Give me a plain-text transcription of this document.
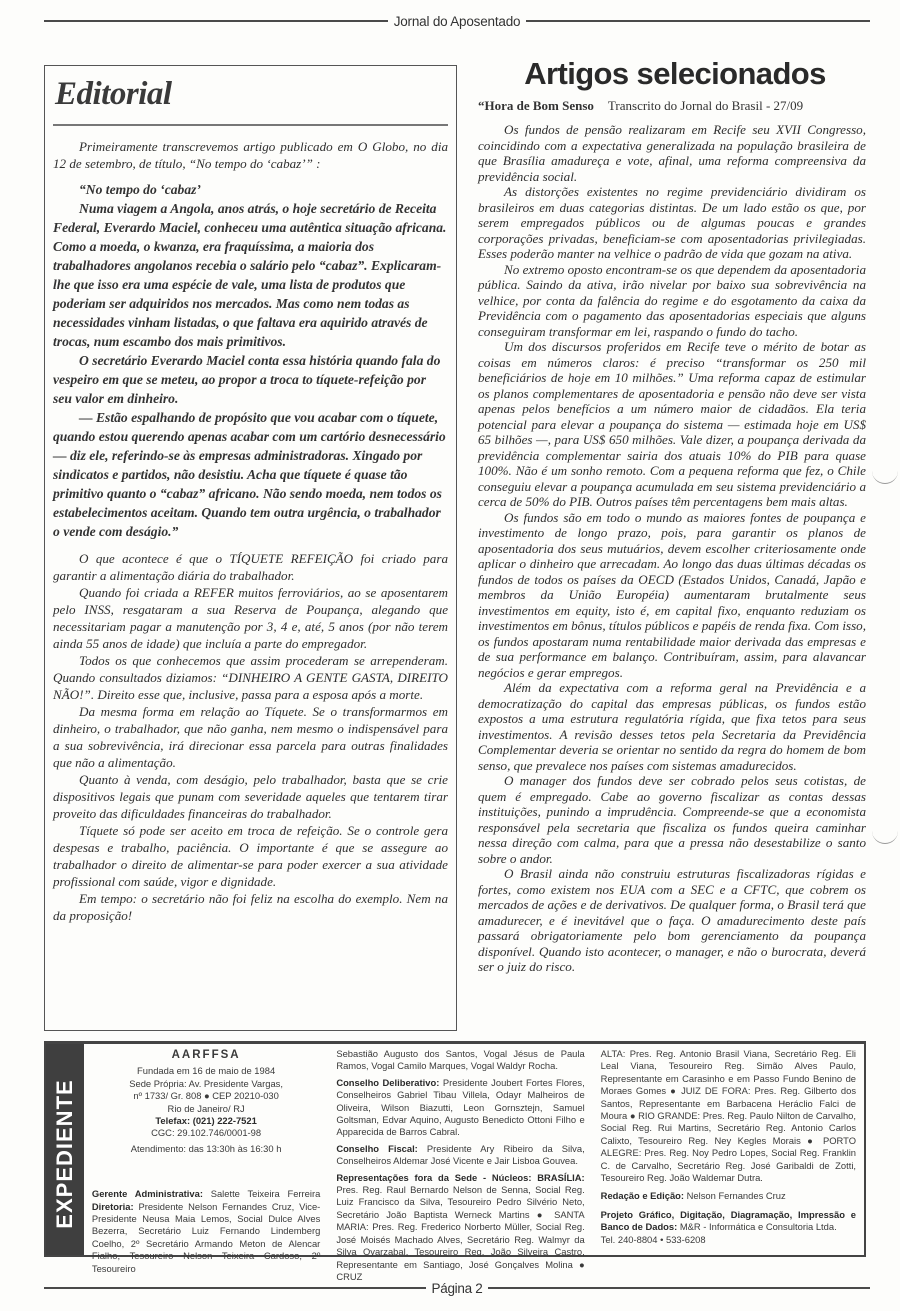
Jornal do Aposentado
Editorial

Primeiramente transcrevemos artigo publicado em O Globo, no dia 12 de setembro, de título, “No tempo do ‘cabaz’” :

“No tempo do ‘cabaz’

Numa viagem a Angola, anos atrás, o hoje secretário de Receita Federal, Everardo Maciel, conheceu uma autêntica situação africana. Como a moeda, o kwanza, era fraquíssima, a maioria dos trabalhadores angolanos recebia o salário pelo “cabaz”. Explicaram-lhe que isso era uma espécie de vale, uma lista de produtos que poderiam ser adquiridos nos mercados. Mas como nem todas as necessidades vinham listadas, o que faltava era aquirido através de trocas, num escambo dos mais primitivos.

O secretário Everardo Maciel conta essa história quando fala do vespeiro em que se meteu, ao propor a troca to tíquete-refeição por seu valor em dinheiro.

— Estão espalhando de propósito que vou acabar com o tíquete, quando estou querendo apenas acabar com um cartório desnecessário — diz ele, referindo-se às empresas administradoras. Xingado por sindicatos e partidos, não desistiu. Acha que tíquete é quase tão primitivo quanto o “cabaz” africano. Não sendo moeda, nem todos os estabelecimentos aceitam. Quando tem outra urgência, o trabalhador o vende com deságio.”

O que acontece é que o TÍQUETE REFEIÇÃO foi criado para garantir a alimentação diária do trabalhador.

Quando foi criada a REFER muitos ferroviários, ao se aposentarem pelo INSS, resgataram a sua Reserva de Poupança, alegando que necessitariam pagar a manutenção por 3, 4 e, até, 5 anos (por não terem ainda 55 anos de idade) que incluía a parte do empregador.

Todos os que conhecemos que assim procederam se arrependeram. Quando consultados diziamos: “DINHEIRO A GENTE GASTA, DIREITO NÃO!”. Direito esse que, inclusive, passa para a esposa após a morte.

Da mesma forma em relação ao Tíquete. Se o transformarmos em dinheiro, o trabalhador, que não ganha, nem mesmo o indispensável para a sua sobrevivência, irá direcionar essa parcela para outras finalidades que não a alimentação.

Quanto à venda, com deságio, pelo trabalhador, basta que se crie dispositivos legais que punam com severidade aqueles que tentarem tirar proveito das dificuldades financeiras do trabalhador.

Tíquete só pode ser aceito em troca de refeição. Se o controle gera despesas e trabalho, paciência. O importante é que se assegure ao trabalhador o direito de alimentar-se para poder exercer a sua atividade profissional com saúde, vigor e dignidade.

Em tempo: o secretário não foi feliz na escolha do exemplo. Nem na da proposição!

Artigos selecionados
“Hora de Bom Senso Transcrito do Jornal do Brasil - 27/09

Os fundos de pensão realizaram em Recife seu XVII Congresso, coincidindo com a expectativa generalizada na população brasileira de que Brasília amadureça e vote, afinal, uma reforma compreensiva da previdência social.

As distorções existentes no regime previdenciário dividiram os brasileiros em duas categorias distintas. De um lado estão os que, por serem empregados públicos ou de algumas poucas e grandes corporações privadas, beneficiam-se com aposentadorias privilegiadas. Esses poderão manter na velhice o padrão de vida que gozam na ativa.

No extremo oposto encontram-se os que dependem da aposentadoria pública. Saindo da ativa, irão nivelar por baixo sua sobrevivência na velhice, por conta da falência do regime e do esgotamento da caixa da Previdência com o pagamento das aposentadorias especiais que alguns conseguiram transformar em lei, raspando o fundo do tacho.

Um dos discursos proferidos em Recife teve o mérito de botar as coisas em números claros: é preciso “transformar os 250 mil beneficiários de hoje em 10 milhões.” Uma reforma capaz de estimular os planos complementares de aposentadoria e pensão não deve ser vista apenas pelos benefícios a um número maior de cidadãos. Ela teria potencial para elevar a poupança do sistema — estimada hoje em US$ 65 bilhões —, para US$ 650 milhões. Vale dizer, a poupança derivada da previdência complementar sairia dos atuais 10% do PIB para quase 100%. Não é um sonho remoto. Com a pequena reforma que fez, o Chile conseguiu elevar a poupança acumulada em seu sistema previdenciário a cerca de 50% do PIB. Outros países têm percentagens bem mais altas.

Os fundos são em todo o mundo as maiores fontes de poupança e investimento de longo prazo, pois, para garantir os planos de aposentadoria dos seus mutuários, devem escolher criteriosamente onde aplicar o dinheiro que arrecadam. Ao longo das duas últimas décadas os fundos de todos os países da OECD (Estados Unidos, Canadá, Japão e membros da União Européia) aumentaram brutalmente seus investimentos em equity, isto é, em capital fixo, enquanto reduziam os investimentos em bônus, títulos públicos e papéis de renda fixa. Com isso, os fundos apostaram numa rentabilidade maior derivada das empresas e de sua performance em balanço. Contribuíram, assim, para alavancar negócios e gerar empregos.

Além da expectativa com a reforma geral na Previdência e a democratização do capital das empresas públicas, os fundos estão expostos a uma estrutura regulatória rígida, que fixa tetos para seus investimentos. A revisão desses tetos pela Secretaria da Previdência Complementar deveria se orientar no sentido da regra do homem de bom senso, que prevalece nos países com sistemas amadurecidos.

O manager dos fundos deve ser cobrado pelos seus cotistas, de quem é empregado. Cabe ao governo fiscalizar as contas dessas instituições, punindo a imprudência. Compreende-se que a economista responsável pela secretaria que fiscaliza os fundos queira caminhar nessa direção com calma, para que a pressa não desestabilize o santo sobre o andor.

O Brasil ainda não construiu estruturas fiscalizadoras rígidas e fortes, como existem nos EUA com a SEC e a CFTC, que cobrem os mercados de ações e de derivativos. De qualquer forma, o Brasil terá que amadurecer, e é inevitável que o faça. O amadurecimento deste país passará obrigatoriamente pelo bom gerenciamento da poupança disponível. Quando isto acontecer, o manager, e não o burocrata, deverá ser o juiz do risco.

EXPEDIENTE
AARFFSA
Fundada em 16 de maio de 1984
Sede Própria: Av. Presidente Vargas,
nº 1733/ Gr. 808 ● CEP 20210-030
Rio de Janeiro/ RJ
Telefax: (021) 222-7521
CGC: 29.102.746/0001-98
Atendimento: das 13:30h às 16:30 h
Gerente Administrativa: Salette Teixeira Ferreira Diretoria: Presidente Nelson Fernandes Cruz, Vice-Presidente Neusa Maia Lemos, Social Dulce Alves Bezerra, Secretário Luiz Fernando Lindemberg Coelho, 2º Secretário Armando Meton de Alencar Fialho, Tesoureiro Nelson Teixeira Cardoso, 2º Tesoureiro

Sebastião Augusto dos Santos, Vogal Jésus de Paula Ramos, Vogal Camilo Marques, Vogal Waldyr Rocha.

Conselho Deliberativo: Presidente Joubert Fortes Flores, Conselheiros Gabriel Tibau Villela, Odayr Malheiros de Oliveira, Wilson Biazutti, Leon Gornsztejn, Samuel Goltsman, Edvar Aquino, Augusto Benedicto Ottoni Filho e Apparecida de Barros Cabral.

Conselho Fiscal: Presidente Ary Ribeiro da Silva, Conselheiros Aldemar José Vicente e Jair Lisboa Gouvea.

Representações fora da Sede - Núcleos: BRASÍLIA: Pres. Reg. Raul Bernardo Nelson de Senna, Social Reg. Luiz Francisco da Silva, Tesoureiro Pedro Silvério Neto, Secretário João Baptista Werneck Martins ● SANTA MARIA: Pres. Reg. Frederico Norberto Müller, Social Reg. José Moisés Machado Alves, Secretário Reg. Walmyr da Silva Oyarzabal, Tesoureiro Reg. João Silveira Castro, Representante em Santiago, José Gonçalves Molina ● CRUZ

ALTA: Pres. Reg. Antonio Brasil Viana, Secretário Reg. Eli Leal Viana, Tesoureiro Reg. Simão Alves Paulo, Representante em Carasinho e em Passo Fundo Benino de Moraes Gomes ● JUIZ DE FORA: Pres. Reg. Gilberto dos Santos, Representante em Barbacena Heráclio Falci de Moura ● RIO GRANDE: Pres. Reg. Paulo Nilton de Carvalho, Social Reg. Rui Martins, Secretário Reg. Antonio Carlos Calixto, Tesoureiro Reg. Ney Kegles Morais ● PORTO ALEGRE: Pres. Reg. Noy Pedro Lopes, Social Reg. Franklin C. de Carvalho, Secretário Reg. José Garibaldi de Zotti, Tesoureiro Reg. João Waldemar Dutra.

Redação e Edição: Nelson Fernandes Cruz

Projeto Gráfico, Digitação, Diagramação, Impressão e Banco de Dados: M&R - Informática e Consultoria Ltda.

Tel. 240-8804 • 533-6208

Página 2
